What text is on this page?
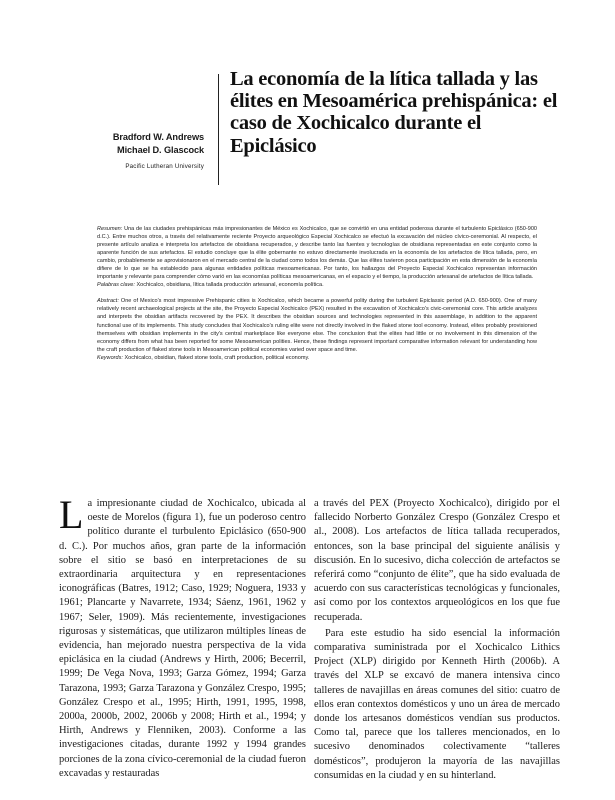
Bradford W. Andrews
Michael D. Glascock
Pacific Lutheran University
La economía de la lítica tallada y las élites en Mesoamérica prehispánica: el caso de Xochicalco durante el Epiclásico

Resumen: Una de las ciudades prehispánicas más impresionantes de México es Xochicalco, que se convirtió en una entidad poderosa durante el turbulento Epiclásico (650-900 d.C.). Entre muchos otros, a través del relativamente reciente Proyecto arqueológico Especial Xochicalco se efectuó la excavación del núcleo cívico-ceremonial. Al respecto, el presente artículo analiza e interpreta los artefactos de obsidiana recuperados, y describe tanto las fuentes y tecnologías de obsidiana representadas en este conjunto como la aparente función de sus artefactos. El estudio concluye que la élite gobernante no estuvo directamente involucrada en la economía de los artefactos de lítica tallada, pero, en cambio, probablemente se aprovisionaron en el mercado central de la ciudad como todos los demás. Que las élites tuvieron poca participación en esta dimensión de la economía difiere de lo que se ha establecido para algunas entidades políticas mesoamericanas. Por tanto, los hallazgos del Proyecto Especial Xochicalco representan información importante y relevante para comprender cómo varió en las economías políticas mesoamericanas, en el espacio y el tiempo, la producción artesanal de artefactos de lítica tallada.

Palabras clave: Xochicalco, obsidiana, lítica tallada producción artesanal, economía política.

Abstract: One of Mexico's most impressive Prehispanic cities is Xochicalco, which became a powerful polity during the turbulent Epiclassic period (A.D. 650-900). One of many relatively recent archaeological projects at the site, the Proyecto Especial Xochicalco (PEX) resulted in the excavation of Xochicalco's civic-ceremonial core. This article analyzes and interprets the obsidian artifacts recovered by the PEX. It describes the obsidian sources and technologies represented in this assemblage, in addition to the apparent functional use of its implements. This study concludes that Xochicalco's ruling elite were not directly involved in the flaked stone tool economy. Instead, elites probably provisioned themselves with obsidian implements in the city's central marketplace like everyone else. The conclusion that the elites had little or no involvement in this dimension of the economy differs from what has been reported for some Mesoamerican polities. Hence, these findings represent important comparative information relevant for understanding how the craft production of flaked stone tools in Mesoamerican political economies varied over space and time.

Keywords: Xochicalco, obsidian, flaked stone tools, craft production, political economy.

La impresionante ciudad de Xochicalco, ubicada al oeste de Morelos (figura 1), fue un poderoso centro político durante el turbulento Epiclásico (650-900 d. C.). Por muchos años, gran parte de la información sobre el sitio se basó en interpretaciones de su extraordinaria arquitectura y en representaciones iconográficas (Batres, 1912; Caso, 1929; Noguera, 1933 y 1961; Plancarte y Navarrete, 1934; Sáenz, 1961, 1962 y 1967; Seler, 1909). Más recientemente, investigaciones rigurosas y sistemáticas, que utilizaron múltiples líneas de evidencia, han mejorado nuestra perspectiva de la vida epiclásica en la ciudad (Andrews y Hirth, 2006; Becerril, 1999; De Vega Nova, 1993; Garza Gómez, 1994; Garza Tarazona, 1993; Garza Tarazona y González Crespo, 1995; González Crespo et al., 1995; Hirth, 1991, 1995, 1998, 2000a, 2000b, 2002, 2006b y 2008; Hirth et al., 1994; y Hirth, Andrews y Flenniken, 2003). Conforme a las investigaciones citadas, durante 1992 y 1994 grandes porciones de la zona cívico-ceremonial de la ciudad fueron excavadas y restauradas

a través del PEX (Proyecto Xochicalco), dirigido por el fallecido Norberto González Crespo (González Crespo et al., 2008). Los artefactos de lítica tallada recuperados, entonces, son la base principal del siguiente análisis y discusión. En lo sucesivo, dicha colección de artefactos se referirá como “conjunto de élite”, que ha sido evaluada de acuerdo con sus características tecnológicas y funcionales, así como por los contextos arqueológicos en los que fue recuperada.

Para este estudio ha sido esencial la información comparativa suministrada por el Xochicalco Lithics Project (XLP) dirigido por Kenneth Hirth (2006b). A través del XLP se excavó de manera intensiva cinco talleres de navajillas en áreas comunes del sitio: cuatro de ellos eran contextos domésticos y uno un área de mercado donde los artesanos domésticos vendían sus productos. Como tal, parece que los talleres mencionados, en lo sucesivo denominados colectivamente “talleres domésticos”, produjeron la mayoría de las navajillas consumidas en la ciudad y en su hinterland.
